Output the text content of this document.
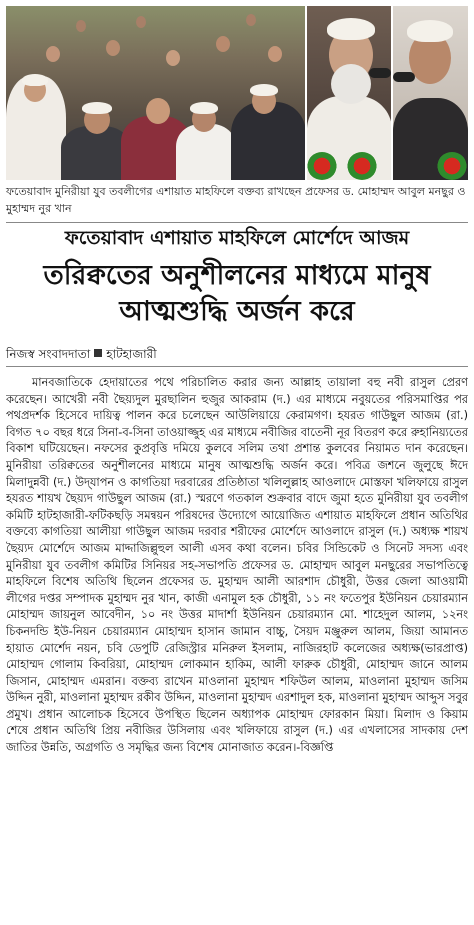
ফতেয়াবাদ মুনিরীয়া যুব তবলীগের এশায়াত মাহফিলে বক্তব্য রাখছেন প্রফেসর ড. মোহাম্মদ আবুল মনছুর ও মুহাম্মদ নুর খান
ফতেয়াবাদ এশায়াত মাহফিলে মোর্শেদে আজম
তরিক্বতের অনুশীলনের মাধ্যমে মানুষ আত্মশুদ্ধি অর্জন করে
নিজস্ব সংবাদদাতা হাটহাজারী
মানবজাতিকে হেদায়াতের পথে পরিচালিত করার জন্য আল্লাহ তায়ালা বহু নবী রাসুল প্রেরণ করেছেন। আখেরী নবী ছৈয়্যদুল মুরছালিন হুজুর আকরাম (দ.) এর মাধ্যমে নবুয়তের পরিসমাপ্তির পর পথপ্রদর্শক হিসেবে দায়িত্ব পালন করে চলেছেন আউলিয়ায়ে কেরামগণ। হযরত গাউছুল আজম (রা.) বিগত ৭০ বছর ধরে সিনা-ব-সিনা তাওয়াজ্জুহ এর মাধ্যমে নবীজির বাতেনী নূর বিতরণ করে রুহানিয়্যতের বিকাশ ঘটিয়েছেন। নফসের কুপ্রবৃত্তি দমিয়ে কুলবে সলিম তথা প্রশান্ত কুলবের নিয়ামত দান করেছেন। মুনিরীয়া তরিক্বতের অনুশীলনের মাধ্যমে মানুষ আত্মশুদ্ধি অর্জন করে। পবিত্র জশনে জুলুছে ঈদে মিলাদুন্নবী (দ.) উদ্‌যাপন ও কাগতিয়া দরবারের প্রতিষ্ঠাতা খলিলুল্লাহ আওলাদে মোস্তফা খলিফায়ে রাসুল হযরত শায়খ ছৈয়্যদ গাউছুল আজম (রা.) স্মরণে গতকাল শুক্রবার বাদে জুমা হতে মুনিরীয়া যুব তবলীগ কমিটি হাটহাজারী-ফটিকছড়ি সমন্বয়ন পরিষদের উদ্যোগে আয়োজিত এশায়াত মাহফিলে প্রধান অতিথির বক্তব্যে কাগতিয়া আলীয়া গাউছুল আজম দরবার শরীফের মোর্শেদে আওলাদে রাসুল (দ.) অধ্যক্ষ শায়খ ছৈয়্যদ মোর্শেদে আজম মাদ্দাজিল্লুহুল আলী এসব কথা বলেন। চবির সিন্ডিকেট ও সিনেট সদস্য এবং মুনিরীয়া যুব তবলীগ কমিটির সিনিয়র সহ-সভাপতি প্রফেসর ড. মোহাম্মদ আবুল মনছুরের সভাপতিত্বে মাহফিলে বিশেষ অতিথি ছিলেন প্রফেসর ড. মুহাম্মদ আলী আরশাদ চৌধুরী, উত্তর জেলা আওয়ামী লীগের দপ্তর সম্পাদক মুহাম্মদ নুর খান, কাজী এনামুল হক চৌধুরী, ১১ নং ফতেপুর ইউনিয়ন চেয়ারম্যান মোহাম্মদ জায়নুল আবেদীন, ১০ নং উত্তর মাদার্শা ইউনিয়ন চেয়ারম্যান মো. শাহেদুল আলম, ১২নং চিকনদন্ডি ইউ-নিয়ন চেয়ারম্যান মোহাম্মদ হাসান জামান বাচ্চু, সৈয়দ মঞ্জুরুল আলম, জিয়া আমানত হায়াত মোর্শেদ নয়ন, চবি ডেপুটি রেজিস্ট্রার মনিরুল ইসলাম, নাজিরহাট কলেজের অধ্যক্ষ(ভারপ্রাপ্ত) মোহাম্মদ গোলাম কিবরিয়া, মোহাম্মদ লোকমান হাকিম, আলী ফারুক চৌধুরী, মোহাম্মদ জানে আলম জিসান, মোহাম্মদ এমরান। বক্তব্য রাখেন মাওলানা মুহাম্মদ শফিউল আলম, মাওলানা মুহাম্মদ জসিম উদ্দিন নুরী, মাওলানা মুহাম্মদ রকীব উদ্দিন, মাওলানা মুহাম্মদ এরশাদুল হক, মাওলানা মুহাম্মদ আব্দুস সবুর প্রমুখ। প্রধান আলোচক হিসেবে উপস্থিত ছিলেন অধ্যাপক মোহাম্মদ ফোরকান মিয়া। মিলাদ ও কিয়াম শেষে প্রধান অতিথি প্রিয় নবীজির উসিলায় এবং খলিফায়ে রাসুল (দ.) এর এখলাসের সাদকায় দেশ জাতির উন্নতি, অগ্রগতি ও সমৃদ্ধির জন্য বিশেষ মোনাজাত করেন।-বিজ্ঞপ্তি
